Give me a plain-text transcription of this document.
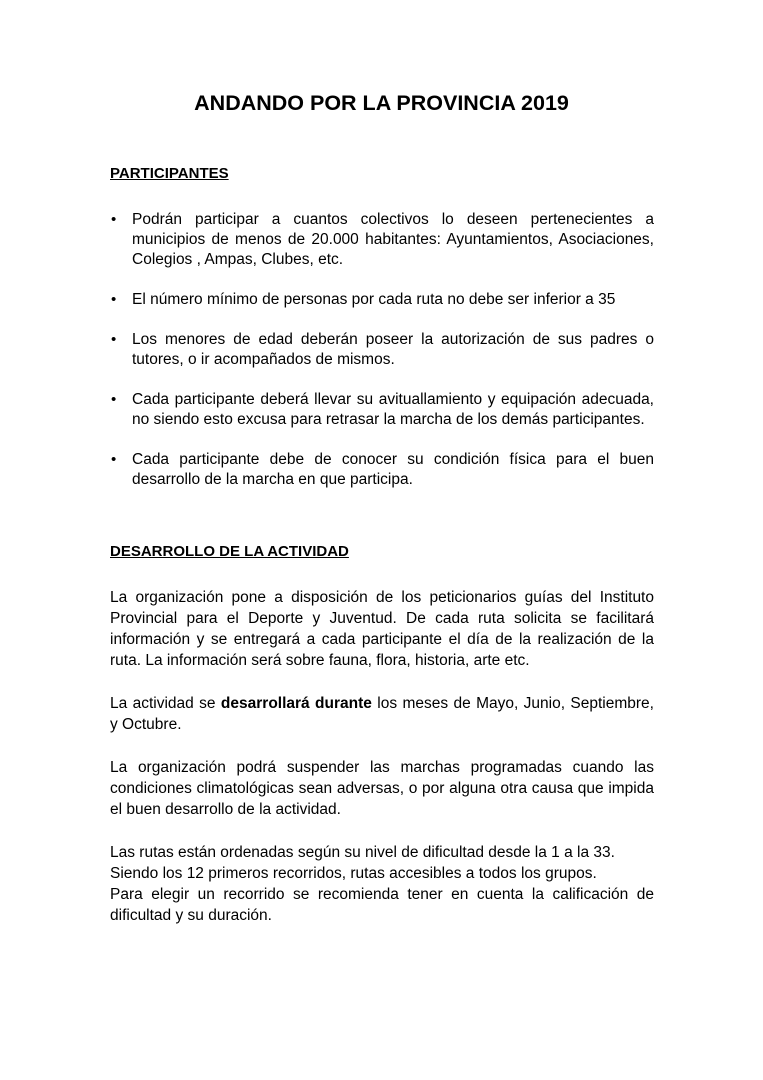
ANDANDO POR LA PROVINCIA 2019
PARTICIPANTES
•	Podrán participar a cuantos colectivos lo deseen pertenecientes a municipios de menos de 20.000 habitantes: Ayuntamientos, Asociaciones, Colegios , Ampas, Clubes, etc.
•	El número mínimo de personas por cada ruta no debe ser inferior a 35
•	Los menores de edad deberán poseer la autorización de sus padres o tutores, o ir acompañados de mismos.
•	Cada participante deberá llevar su avituallamiento y equipación adecuada, no siendo esto excusa para retrasar la marcha de los demás participantes.
•	Cada participante debe de conocer su condición física para el buen desarrollo de la marcha en que participa.
DESARROLLO DE LA ACTIVIDAD

La organización pone a disposición de los peticionarios guías del Instituto Provincial para el Deporte y Juventud. De cada ruta solicita se facilitará información y se entregará a cada participante el día de la realización de la ruta. La información será sobre fauna, flora, historia, arte etc.

La actividad se desarrollará durante los meses de Mayo, Junio, Septiembre, y Octubre.

La organización podrá suspender las marchas programadas cuando las condiciones climatológicas sean adversas, o por alguna otra causa que impida el buen desarrollo de la actividad.

Las rutas están ordenadas según su nivel de dificultad desde la 1 a la 33.
Siendo los 12 primeros recorridos, rutas accesibles a todos los grupos.
Para elegir un recorrido se recomienda tener en cuenta la calificación de dificultad y su duración.
